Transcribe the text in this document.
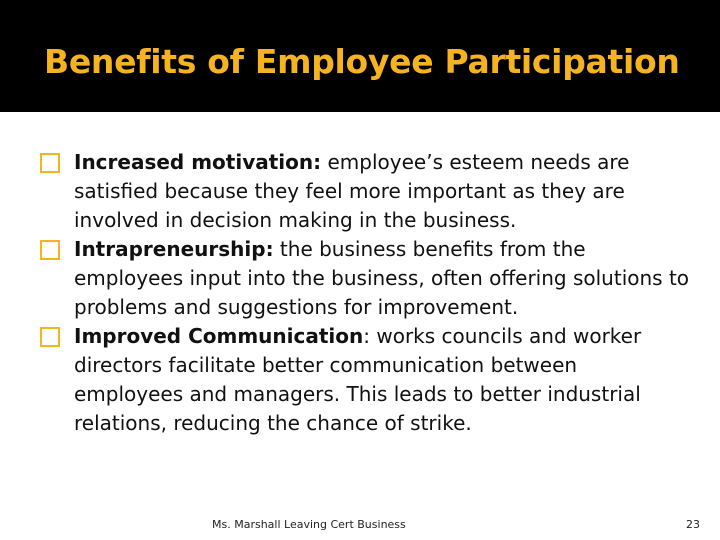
Benefits of Employee Participation
Increased motivation: employee’s esteem needs are satisfied because they feel more important as they are involved in decision making in the business.
Intrapreneurship: the business benefits from the employees input into the business, often offering solutions to problems and suggestions for improvement.
Improved Communication: works councils and worker directors facilitate better communication between employees and managers. This leads to better industrial relations, reducing the chance of strike.
Ms. Marshall Leaving Cert Business	23
